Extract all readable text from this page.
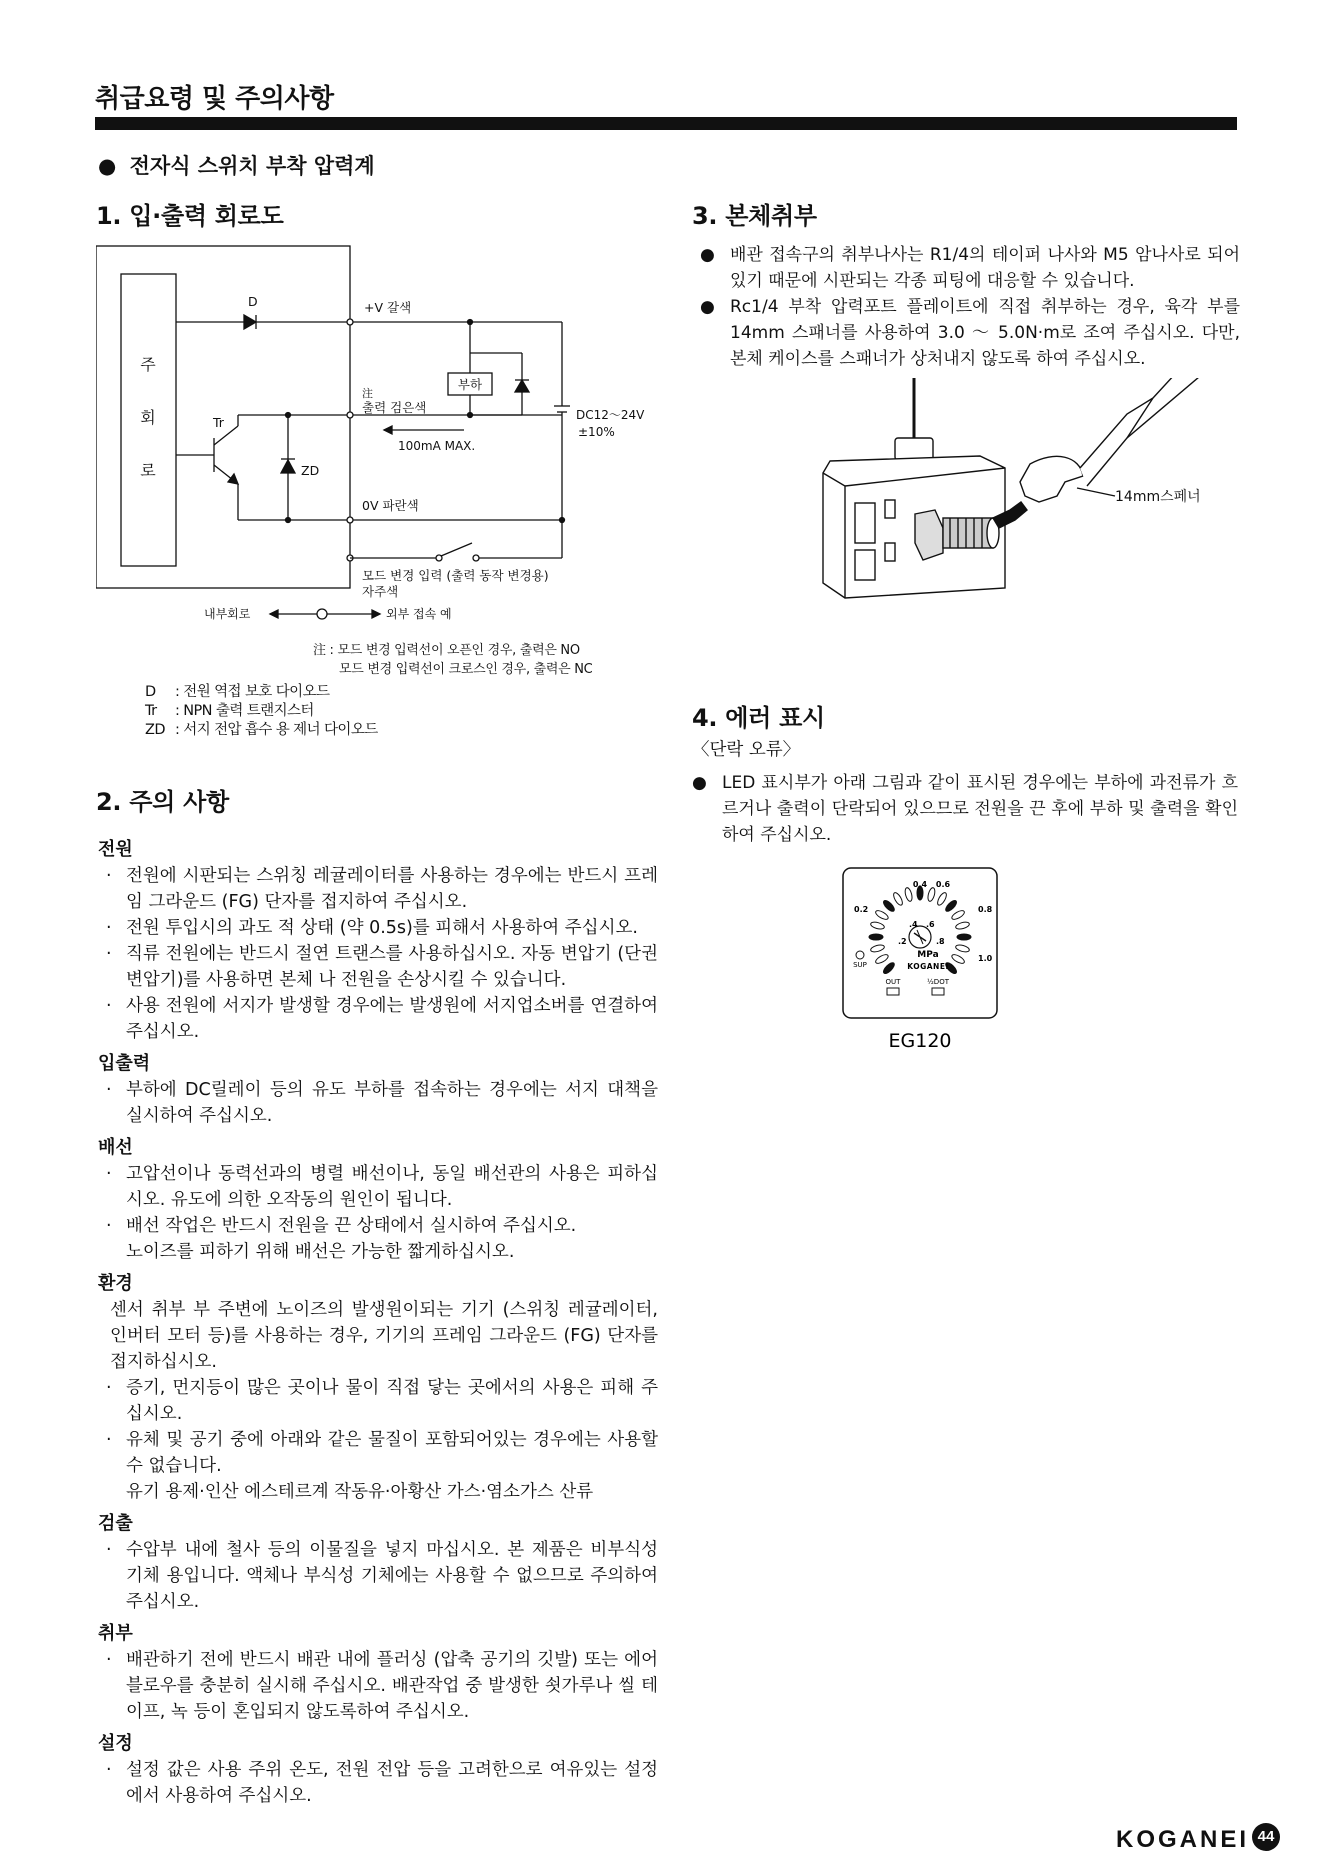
취급요령 및 주의사항
● 전자식 스위치 부착 압력계
1. 입·출력 회로도
주
회
로
D	+V 갈색
Tr
ZD
부하
DC12～24V
±10%
注
출력 검은색
100mA MAX.
0V 파란색
모드 변경 입력 (출력 동작 변경용)
자주색
내부회로	외부 접속 예
注 : 모드 변경 입력선이 오픈인 경우, 출력은 NO
모드 변경 입력선이 크로스인 경우, 출력은 NC
D : 전원 역접 보호 다이오드
Tr : NPN 출력 트랜지스터
ZD : 서지 전압 흡수 용 제너 다이오드
2. 주의 사항
전원
· 전원에 시판되는 스위칭 레귤레이터를 사용하는 경우에는 반드시 프레임 그라운드 (FG) 단자를 접지하여 주십시오.
· 전원 투입시의 과도 적 상태 (약 0.5s)를 피해서 사용하여 주십시오.
· 직류 전원에는 반드시 절연 트랜스를 사용하십시오. 자동 변압기 (단권 변압기)를 사용하면 본체 나 전원을 손상시킬 수 있습니다.
· 사용 전원에 서지가 발생할 경우에는 발생원에 서지업소버를 연결하여 주십시오.
입출력
· 부하에 DC릴레이 등의 유도 부하를 접속하는 경우에는 서지 대책을 실시하여 주십시오.
배선
· 고압선이나 동력선과의 병렬 배선이나, 동일 배선관의 사용은 피하십시오. 유도에 의한 오작동의 원인이 됩니다.
· 배선 작업은 반드시 전원을 끈 상태에서 실시하여 주십시오.
노이즈를 피하기 위해 배선은 가능한 짧게하십시오.
환경
센서 취부 부 주변에 노이즈의 발생원이되는 기기 (스위칭 레귤레이터, 인버터 모터 등)를 사용하는 경우, 기기의 프레임 그라운드 (FG) 단자를 접지하십시오.
· 증기, 먼지등이 많은 곳이나 물이 직접 닿는 곳에서의 사용은 피해 주십시오.
· 유체 및 공기 중에 아래와 같은 물질이 포함되어있는 경우에는 사용할 수 없습니다.
유기 용제·인산 에스테르계 작동유·아황산 가스·염소가스 산류
검출
· 수압부 내에 철사 등의 이물질을 넣지 마십시오. 본 제품은 비부식성 기체 용입니다. 액체나 부식성 기체에는 사용할 수 없으므로 주의하여 주십시오.
취부
· 배관하기 전에 반드시 배관 내에 플러싱 (압축 공기의 깃발) 또는 에어 블로우를 충분히 실시해 주십시오. 배관작업 중 발생한 쇳가루나 씰 테이프, 녹 등이 혼입되지 않도록하여 주십시오.
설정
· 설정 값은 사용 주위 온도, 전원 전압 등을 고려한으로 여유있는 설정에서 사용하여 주십시오.
3. 본체취부
● 배관 접속구의 취부나사는 R1/4의 테이퍼 나사와 M5 암나사로 되어 있기 때문에 시판되는 각종 피팅에 대응할 수 있습니다.
● Rc1/4 부착 압력포트 플레이트에 직접 취부하는 경우, 육각 부를 14mm 스패너를 사용하여 3.0 ～ 5.0N·m로 조여 주십시오. 다만, 본체 케이스를 스패너가 상처내지 않도록 하여 주십시오.
14mm스페너
4. 에러 표시
〈단락 오류〉
● LED 표시부가 아래 그림과 같이 표시된 경우에는 부하에 과전류가 흐르거나 출력이 단락되어 있으므로 전원을 끈 후에 부하 및 출력을 확인하여 주십시오.
0.4 0.6
0.2	0.8
1.0
.2
.4 .6
.8
MPa
KOGANEI
SUP
OUT	½DOT
EG120
KOGANEI 44
